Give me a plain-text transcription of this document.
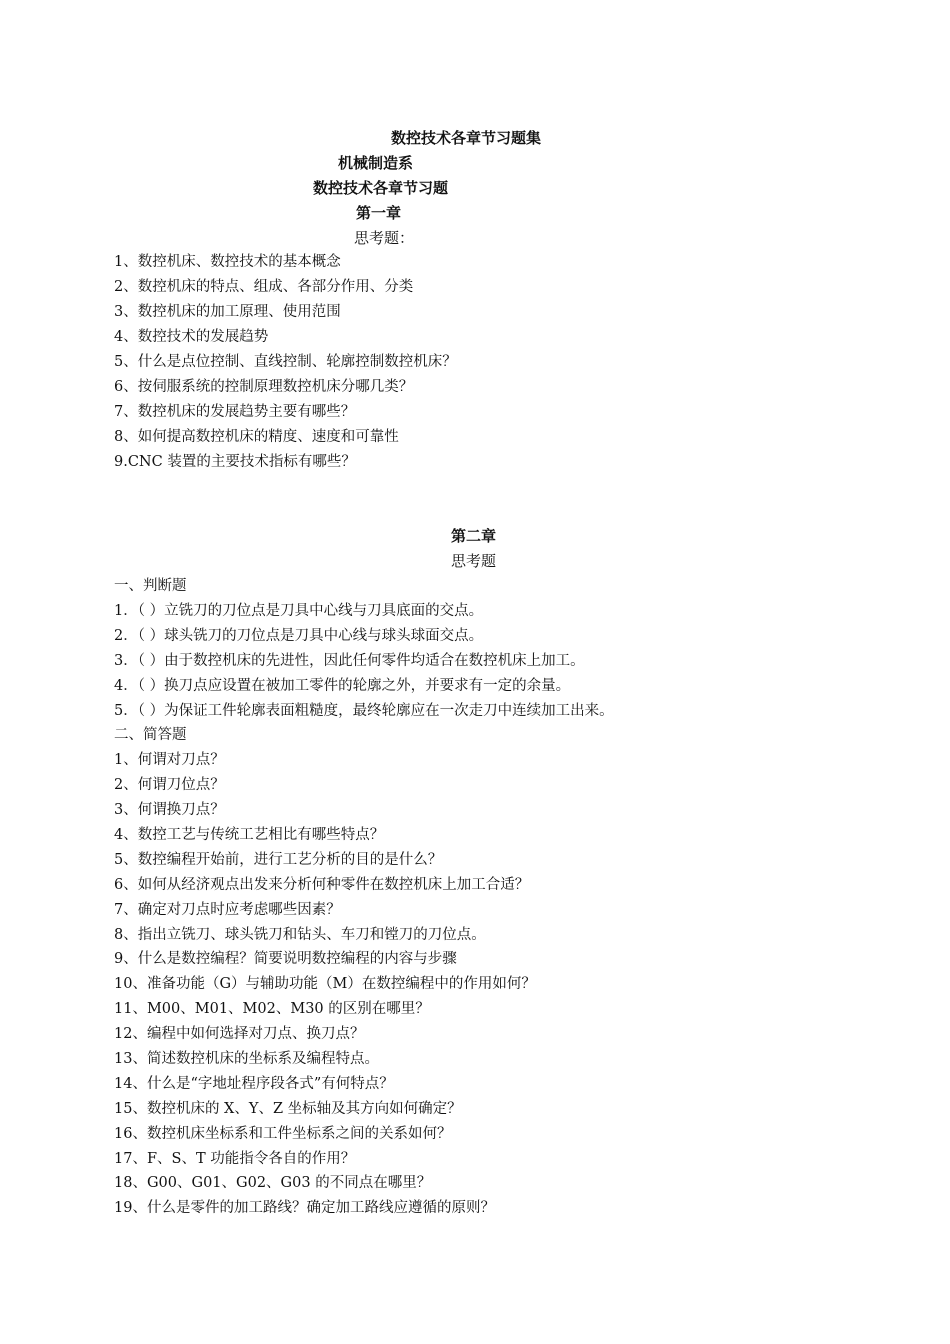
数控技术各章节习题集
机械制造系
数控技术各章节习题
第一章
思考题：
1、数控机床、数控技术的基本概念
2、数控机床的特点、组成、各部分作用、分类
3、数控机床的加工原理、使用范围
4、数控技术的发展趋势
5、什么是点位控制、直线控制、轮廓控制数控机床？
6、按伺服系统的控制原理数控机床分哪几类？
7、数控机床的发展趋势主要有哪些？
8、如何提高数控机床的精度、速度和可靠性
9.CNC 装置的主要技术指标有哪些？
第二章
思考题
一、判断题
1．（ ）立铣刀的刀位点是刀具中心线与刀具底面的交点。
2．（ ）球头铣刀的刀位点是刀具中心线与球头球面交点。
3．（ ）由于数控机床的先进性，因此任何零件均适合在数控机床上加工。
4．（ ）换刀点应设置在被加工零件的轮廓之外，并要求有一定的余量。
5．（ ）为保证工件轮廓表面粗糙度，最终轮廓应在一次走刀中连续加工出来。
二、简答题
1、何谓对刀点？
2、何谓刀位点？
3、何谓换刀点？
4、数控工艺与传统工艺相比有哪些特点？
5、数控编程开始前，进行工艺分析的目的是什么？
6、如何从经济观点出发来分析何种零件在数控机床上加工合适？
7、确定对刀点时应考虑哪些因素？
8、指出立铣刀、球头铣刀和钻头、车刀和镗刀的刀位点。
9、什么是数控编程？简要说明数控编程的内容与步骤
10、准备功能（G）与辅助功能（M）在数控编程中的作用如何？
11、M00、M01、M02、M30 的区别在哪里？
12、编程中如何选择对刀点、换刀点？
13、简述数控机床的坐标系及编程特点。
14、什么是“字地址程序段各式”有何特点？
15、数控机床的 X、Y、Z 坐标轴及其方向如何确定？
16、数控机床坐标系和工件坐标系之间的关系如何？
17、F、S、T 功能指令各自的作用？
18、G00、G01、G02、G03 的不同点在哪里？
19、什么是零件的加工路线？确定加工路线应遵循的原则？
